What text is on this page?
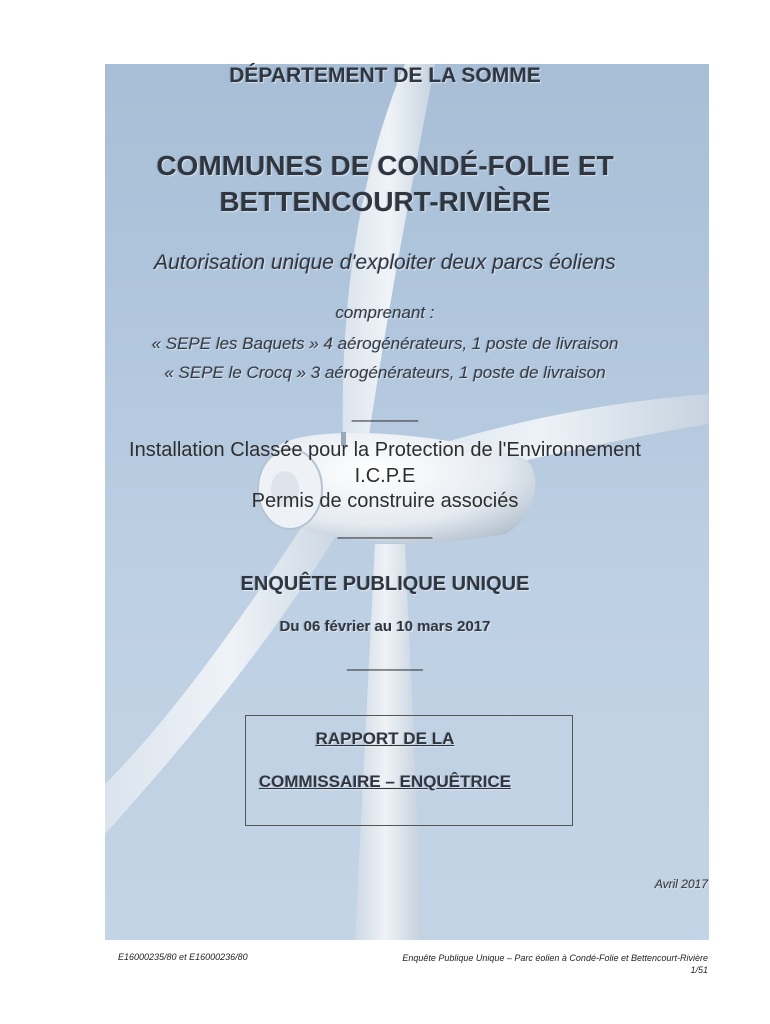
DÉPARTEMENT DE LA SOMME
COMMUNES DE CONDÉ-FOLIE ET
BETTENCOURT-RIVIÈRE
Autorisation unique d'exploiter deux parcs éoliens
comprenant :
« SEPE les Baquets » 4 aérogénérateurs, 1 poste de livraison
« SEPE le Crocq » 3 aérogénérateurs, 1 poste de livraison
_______
Installation Classée pour la Protection de l'Environnement
I.C.P.E
Permis de construire associés
__________
ENQUÊTE PUBLIQUE UNIQUE
Du 06 février au 10 mars 2017
________
RAPPORT DE LA
COMMISSAIRE – ENQUÊTRICE
Avril 2017
E16000235/80 et E16000236/80	Enquête Publique Unique – Parc éolien à Condé-Folie et Bettencourt-Rivière
1/51
